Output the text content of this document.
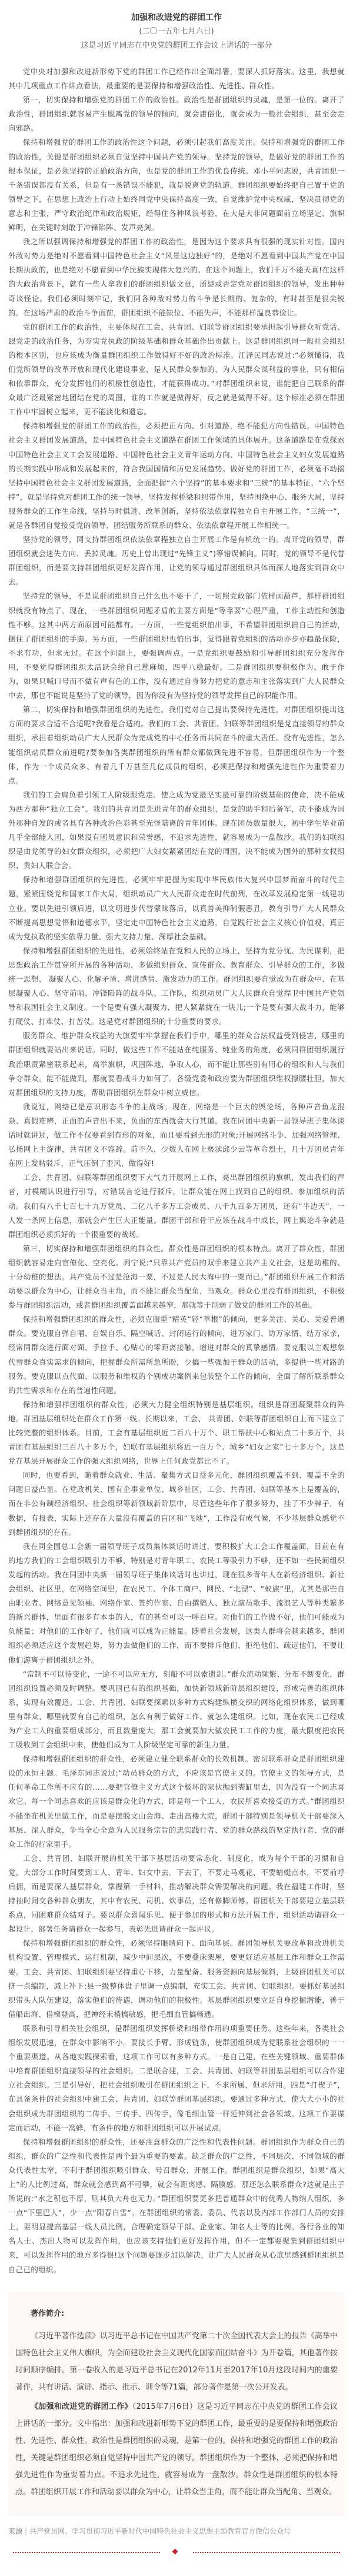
加强和改进党的群团工作

(二〇一五年七月六日)

这是习近平同志在中央党的群团工作会议上讲话的一部分

党中央对加强和改进新形势下党的群团工作已经作出全面部署，要深人抓好落实。这里，我想就其中几项重点工作讲点看法，最重要的是要保持和增强政治性、先进性、群众性。

第一，切实保持和增强党的群团工作的政治性。政治性是群团组织的灵魂，是第一位的。离开了政治性，群团组织就容易产生脱离党的领导的倾向，就会庸俗化，就会成为一般社会组织，甚至会走向邪路。

保持和增强党的群团工作的政治性这个问题，必须引起我们高度关注。保持和增强党的群团工作的政治性，关键是群团组织必须自觉坚持中国共产党的领导。坚持党的领导，是做好党的群团工作的根本保证，是必须坚持的正确政治方向，也是党的群团工作的优良传统。邓小平同志说，共青团犯一千条错误都没有关系，但是有一条错误不能犯，就是脱离党的轨道。群团组织要始终把自己置于党的领导之下，在思想上政治上行动上始终同党中央保持高度一致，自觉维护党中央权威，坚决贯彻党的意志和主张，严守政治纪律和政治规矩，经得住各种风浪考验，在大是大非问题面前立场坚定、旗帜鲜明，在关键时刻敢于冲锋陷阵、发声亮剑。

我之所以强调保持和增强党的群团工作的政治性，是因为这个要求具有很强的现实针对性。国内外敌对势力是绝对不愿看到中国特色社会主义“风景这边独好”的，是绝对不愿看到中国共产党在中国长期执政的，也是绝对不愿看到中华民族实现伟大复兴的。在这个问题上，我们千万不能天真!在这样的大政治背景下，就有一些人拿我们的群团组织做文章，质疑或否定党对群团组织的领导，发出种种奇谈怪论。我们必须时刻牢记，我们同各种敌对势力的斗争是长期的、复杂的，有时甚至是很尖锐的。在这场严肃的政治斗争面前，群团组织不能缺位、不能失声，不能那样温良恭俭让。

党的群团工作的政治性，主要体现在工会、共青团、妇联等群团组织要承担起引导群众听党话、跟党走的政治任务，为夯实党执政的阶级基础和群众基础作出贡献上。这是群团组织同一般社会组织的根本区别，也应该成为衡量群团组织工作做得好不好的政治标准。江泽民同志说过:“必须懂得，我们党所领导的改革开放和现代化建设事业，是人民群众参加的、为人民群众谋利益的事业，只有相信和依靠群众，充分发挥他们的积极性创造性，才能获得成功。”对群团组织来说，谁能把自己联系的群众最广泛最紧密地团结在党的周围，谁的工作就是做得好，反之就是做得不好。这个标准必须在群团工作中牢固树立起来，更不能淡化和遗忘。

保持和增强党的群团工作的政治性，必须把正方向、引对道路，绝不能犯方向性错误。中国特色社会主义群团发展道路，是中国特色社会主义道路在群团工作领域的具体展开。这条道路是在党探索中国特色社会主义工会发展道路、中国特色社会主义青年运动方向、中国特色社会主义妇女发展道路的长期实践中形成和发展起来的，符合我国国情和历史发展趋势。做好党的群团工作，必须毫不动摇坚持中国特色社会主义群团发展道路，全面把握“六个坚持”的基本要求和“三统”的基本特征。“六个坚持”，就是坚持党对群团工作的统一领导，坚持发挥桥梁和纽带作用，坚持围绕中心、服务大局，坚持服务群众的工作生命线，坚持与时俱进、改革创新，坚持依法依章程独立自主开展工作。“三统一”，就是各群团自觉接受党的领导、团结服务所联系的群众、依法依章程开展工作相统一。

坚持党的领导，同支持群团组织依法依章程独立自主开展工作是有机统一的。离开党的领导，群团组织就会迷失方向、丢掉灵魂。历史上曾出现过“先锋主义”)等错误倾向。同时，党的领导不是代替群团组织，而是要支持群团组织更好发挥作用，让党的领导通过群团组织具体而深人地落实到群众中去。

坚持党的领导，不是说群团组织自己什么也不要干了，一切照党政部门依样画葫芦，那样群团组织就没有特点了。现在，一些群团组织问题矛盾的主要方面是“等靠要”心理严重，工作主动性和创造性不够。这其中两方面原因可能都有。一方面，一些党组织怕出事，不希望群团组织搞自己的活动，捆住了群团组织的手脚。另方面，一些群团组织也怕出事，觉得跟着党组织的活动亦步亦趋最保险，不求有功，但求无过。在这个问题上，要强调两点。一是党组织要鼓励和引导群团组织充分发挥作用，不要觉得群团组织太活跃会给自己惹麻烦，四平八稳最好。二是群团组织要积极作为、敢于作为，如果只喊口号而不做有声有色的工作，没有通过自身努力把党的意志和主张落实到广大人民群众中去，那也不能说是坚持了党的领导，因为你没有为坚持党的领导发挥自己的职能作用。

第二，切实保持和增强群团组织的先进性。我们党对自己提出要保持先进性，对群团组织提出这方面的要求合适不合适呢?我看是合适的。我们的工会、共青团、妇联等群团组织是党直接领导的群众组织，承担着组织动员广大人民群众为完成党的中心任务而共同奋斗的重大责任。没有先进性，怎么能组织动员群众前进呢?要参加各类群团组织的所有群众都做到先进不容易，但群团组织作为一个整体，作为一个成员众多、有着几千万甚至几亿成员的组织，必须把保持和增强先进性作为重要着力点。

我们的工会肩负着引领工人阶级跟党走、使之成为党最坚实最可靠的阶级基础的使命，决不能成为西方那种“独立工会”。我们的共青团是先进青年的群众组织，是党的助手和后备军，决不能成为国外那种自发的或者具有各种政治色彩甚至光怪陆离的青年团体。现在团员数量很大，初中学生毕业前几乎全部能入团，如果没有团员意识和荣誉感，不追求先进性，就容易成为一盘散沙。我们的妇联组织是由党领导的妇女群众组织，必须把广大妇女紧紧团结在党的周围，决不能成为国外的那种女权组织、贵妇人联合会。

保持和增强群团组织的先进性，必须牢牢把握为实现中华民族伟大复兴中国梦而奋斗的时代主题，紧紧围绕党和国家工作大局，组织动员广大人民群众走在时代前列，在改革发展稳定第一线建功立业。要以先进引领后进，以文明进步代替蒙昧落后，以真善美抑制假恶丑，教育引导广大人民群众不断提高思想觉悟和道德水平，坚定走中国特色社会主义道路，自觉践行社会主义核心价值观，真正成为党执政的坚实依靠力量、强大支持力量、深厚社会基础。

保持和增强群团组织的先进性，必须始终站在党和人民的立场上，坚持为党分忧、为民谋利，把思想政治工作贯穿所开展的各种活动，多做组织群众、宣传群众、教育群众、引导群众的工作，多做统一思想、 凝聚人心、化解矛盾、增进感情、激发动力的工作。群团组织要自觉成为在群众中、在基层凝聚人心、坚守前哨、冲锋陷阵的战斗队、工作队，组织动员广大人民群众自觉捍卫中国共产党领导和我国社会主义制度。一个是要有强大凝聚力，把人紧紧拢在一块儿;一个是要有强大战斗力，能够打硬仗、打难仗、打苦仗。这是党对群团组织的十分重要的要求。

服务群众、维护群众权益的大旗要牢牢掌握在我们手中，哪里的群众合法权益受到侵害，哪里的群团组织就要站出来说话。同时，做这些工作不能站在纯服务、纯业务的角度，必须同群团组织履行政治职责紧密联系起来，高举旗帜，巩固阵地，争取人心，而不能让那些别有用心的组织和人与我们争夺群众。能不能做到，那就要看战斗力如何了。各级党委和政府要为群团组织维权撑腰壮胆，加大对群团组织的支持力度，帮助群团组织在群众中树立威信。

我说过，网络已是意识形态斗争的主战场。现在，网络是一个巨大的舆论场，各种声音鱼龙混杂、真假难辨，正面的声音出不来，负面的东西就会大行其道。我在同团中央新一届领导班子集体谈话时就讲过，做工作不仅要看到有形的对象，而且要看到无形的对象;开展网络斗争、加强网络管理、弘扬网上主旋律，共青团义不容辞。前不久，少数人在网上亵渎邱少云等革命烈士，几十万团员青年在网上发帖驳斥，正气压倒了歪风，做得好!

工会、共青团、妇联等群团组织要下大气力开展网上工作，亮出群团组织的旗帜，发出我们的声音，对模糊认识进行引导，对错误言论进行驳斥，让群众能在网上找到自己的组织、参加组织的活动。我们有八千七百七十九万党员、二亿八千多万工会成员、八千九百多万团员，还有“半边天”，一人发一条网上信息，那就会产生巨大正能量。群团干部和骨干应该在战斗中成长，网上舆论斗争就是群团组织必须抓好的一个很重要的战场。

第三，切实保持和增强群团组织的群众性。群众性是群团组织的根本特点。离开了群众性，群团组织就容易走向官僚化、空壳化。列宁说:“只靠共产党员的双手来建立共产主义社会，这是幼稚的、十分幼稚的想法。共产党员不过是沧海一粟，不过是人民大海中的一粟而已。”群团组织开展工作和活动要以群众为中心，让群众当主角，而不能让群众当配角，当观众。群众心里没有群团组织，不积极参与群团组织活动，或者群团组织覆盖面越来越窄，那就等于削弱了做党的群团工作的基础。

保持和增强群团组织的群众性，必须克服重“精英”轻“草根”的倾向，更多关注、关心、关爱普通群众。要克服自弹自唱、自娱自乐、隔空喊话、封闭运行的倾向，进万家门、访万家情、结万家亲，经常同群众进行面对面、手拉手、心贴心的零距离接触，增进对群众的真挚感情。要克服以主观想象代替群众真实需求的倾向，把握群众所需所急所盼，少搞一些强加于群众的活动，多提供一些对路的服务。要克服以点代面、以服务和维权的个别成功案例来包装整个工作的倾向，全面了解所联系群众的共性需求和存在的普遍性问题。

保持和增强样团组织的群众性，必须大力健全组织特别是基层组织。组织是群团凝聚群众的阵地。群团基层组织处在群众工作第一线。长期以来，工会、 共青团、妇联等群团组织自上而下建立了比较完整的组织体系。目前，工会有基层组织近二百八十万个、职工帮扶中心和站点二十多万个，共青团有基层组织三百八十多万个，妇联有基层组织将近一百万个、城乡“妇女之家”七十多万个，这是党在基层开展群众工作的强大组织网络，世界上任何政党都比不了。

同时，也要看到，随着群众就业、生活、聚集方式日益多元化，群团组织覆盖不到、覆盖不全的问题日益凸显。在党政机关、国有企事业单位、城乡社区，工会、共青团、妇联等基本上是覆盖的，而在非公有制经济组织、社会组织等新领域新阶层中，尽管这些年作了很多努力，挂了不少牌子，有数据，有报表，实际上还存在大量没有覆盖的盲区和“飞地”，工作没有成气候，不少基层群众感觉不到群团组织的存在。

我在同全国总工会新一届领导班子成员集体谈话时讲过，要积极扩大工会工作覆盖面，目前在有的地方我们的工会组织吸引力不够，特别是对青年职工、农民工等吸引力不够，还不如一些民间组织发起的活动。我在同团中央新一届领导班子集体谈话时也讲过，现在很多青年人在新经济组织、新社会组织、社区里，在网络空间里，在农民工、个体工商户、网民、“北漂”、“蚁族”里，尤其是那些自由职业者、网络意见领袖、网络作家、签约作家、自由撰稿人、独立演员歌手、流浪艺人等种类繁多的新兴群体，里面有很多有本事的人，有的甚至可以一呼百应。对他们的工作做不好，他们可能成为负能量；对他们的工作好了，他们就可以成为正能量。随着社会发展，这类人群将会越来越多，群团组织必须适应这个发展趋势，努力去做他们的工作，而不要排斥他们、拒绝他们、疏远他们，不要让他们游离于群团组织之外。

“常制不可以待变化，一途不可以应无方，刻船不可以索遗剑。”群众流动频繁、分布不断变化，群团组织设置必须及时调整。要巩固已有的组织基础，加快新领域新阶层组织建设，形成完善的组织体系，实现有效覆道。工会、共青团、妇联要探索以多种方式构建纵横交织的网络化组织体系，做到哪里有群众、哪里就要有自己的组织，怎么有利于做好工作、就怎么建组织。比如，现在农民工已经成为产业工人的重要组成部分，而且数量庞大，那工会就要加大做农民工工作的力度，最大限度把农民工吸收到工会组织中来，使他们成为工人阶级坚定可靠的新生力量。

保持和增强群团组织的群众性，必须建立健全联系群众的长效机制。密切联系群众是群团组织建设的永恒主题。毛泽东同志说过:“动员群众的方式，不应该是官僚主义的。官僚主义的领导方式，是任何革命工作所不应有的......要把官僚主义方式这个极坏的家伙抛到粪缸里去，因为没有一个同志喜欢它。每一个同志喜欢的应该是群众化的方式，即是每一个工人、农民所喜欢接受的方式。”群团组织不能坐在机关里做工作，而是要摆脱文山会海、走出高楼大院，群团干部特别是领导机关干部要深入基层、深人群众，争当全心全意为人民服务宗旨的忠实践行者、党的群众路线的坚定执行者、党的群众工作的行家里手。

工会、共青团、妇联开展的机关干部下基层活动要常态化、制度化，成为每个干部的习惯和自觉，大部分工作时间要到工人、青年、妇女中去。下去了，不要走马观花，不要蜻蜓点水，不要前呼后拥，而是要深人基层群众，掌握第一手材料，推动解决群众需要解决的问题。我在福建工作时，坚持抽时间交各种群众朋友，其中有农民、司机、炊事员，还有修脚师傅。群团机关干部要建立基层联系点，同困难群众结对子。要以群众喜闻乐见、便于参加的形式和方法开展工作，组织活动请群众一起设计，部署任务请群众一起参与，表彰先进请群众一起评议。

保持和增强群团组织的群众性，必须坚持眼睛向下、面向基层。群团领导机关要改革和改进机关机构设置、管理模式、运行机制，减少中间层次，不要叠床架屋，要更好适应基层工作和群众工作需要。工会、共青团、妇联组织要坚持重心下移，力量配备、服务资源向基层倾斜，上级群团机关可以挤一点编制，减上补下;县一级整体盘子里调一点编制，充实工会、共青团、妇联组织。要抓好基层组织带头人队伍建设，落实他们的待遇，调动他们的积极性。基层群团组织要立足自身挖掘潜能，善于借船出海、借梯登高，把神经末梢搞敏感，把毛细血管搞畅通。

联系和引导相关社会组织，是群团组织发挥桥梁和纽带作用的项重要任务。这些年来，各类社会组织发展迅速，在群众中影响不小。要接长手臂、形成链条，使群团组织成为党联系社会组织的一一个重要渠道。从各地实践探索看，这项工作可以有多种方式。一是自己建，在些关键领域、重要群体中培育群团组织直接领导的社会组织。二是联合建，工会、共青团、妇联等群团基层组织可以合作建立社会组织。三是引导好，把社会组织吸引在群团组织之下，不求所属，但求所用。四是“打楔子”，在具备条件的社会组织中建工会、共青团、妇联等群团基层组织。要通过多种方式，使大大小小的社会组织成为群团组织的二传手、三传手、四传手，像毛细血管一样延伸到社会各领域。这项工作要谋定而后动，不能一窝蜂，有条件的地方和群团组织可以开展试点。

保持和增强群团组织的群众性，还要注意群众的广泛性和代表性问题。群团组织作为群众自己的组织，群众的广泛性和代表性是两个最为重要的要素。缺乏群众的广泛性，不同层次、不同领域的群众代表性太窄，不利于群团组织吸引群众、号召群众、开展工作。群团组织是群众组织，如果“高大上”的人比例过高，群众就会感到高不可攀，就会有距离感、隔膜感，那还怎么联系群众?这就是庄子所说的:“水之积也不厚，则其负大舟也无力。”群团组织要更多把普通群众中的优秀人物纳人组织，多一点“下里巴人”，少一点“阳春白雪”。在群团组织的常委、委员、代表以及内部工作部门人员的安排上，要明显提高基层一线人员比例，合理确定领导干部、企业家、知名人士等的比例。各行各业的知名人士、杰出人物可以发挥作用，也应该支持他们更好发挥作用，但不一定都要聚集到群团组织中来，可以发挥作用的地方多得很!这个问题要逐步加以解决，让广大人民群众从心底里感到群团组织是自己已的组织。

著作简介:

《习近平著作选读》以习近平总书记在中国共产党第二十次全国代表大会上的报告《高举中国特色社会主义伟大旗帜，为全面建设社会主义现代化国家而团结奋斗》为开卷篇，其他著作按时间顺序编排。第一卷收入的是习近平总书记在2012年11月至2017年10月这段时间内的重要著作，共有讲话、演讲、指示、批示、训令等71篇，部分著作是第一次公开发表。

《加强和改进党的群团工作》（2015年7月6日）这是习近平同志在中央党的群团工作会议上讲话的一部分。文中指出：加强和改进新形势下党的群团工作，最重要的是要保持和增强政治性、先进性、群众性。政治性是群团组织的灵魂，是第一位的。保持和增强党的群团工作的政治性，关键是群团组织必须自觉坚持中国共产党的领导。群团组织作为一个整体，必须把保持和增强先进性作为重要着力点。不追求先进性，就容易成为一盘散沙。群众性是群团组织的根本特点。群团组织开展工作和活动要以群众为中心，让群众当主角，而不能让群众当配角、当观众。

来源 | 共产党员网、学习贯彻习近平新时代中国特色社会主义思想主题教育官方微信公众号
